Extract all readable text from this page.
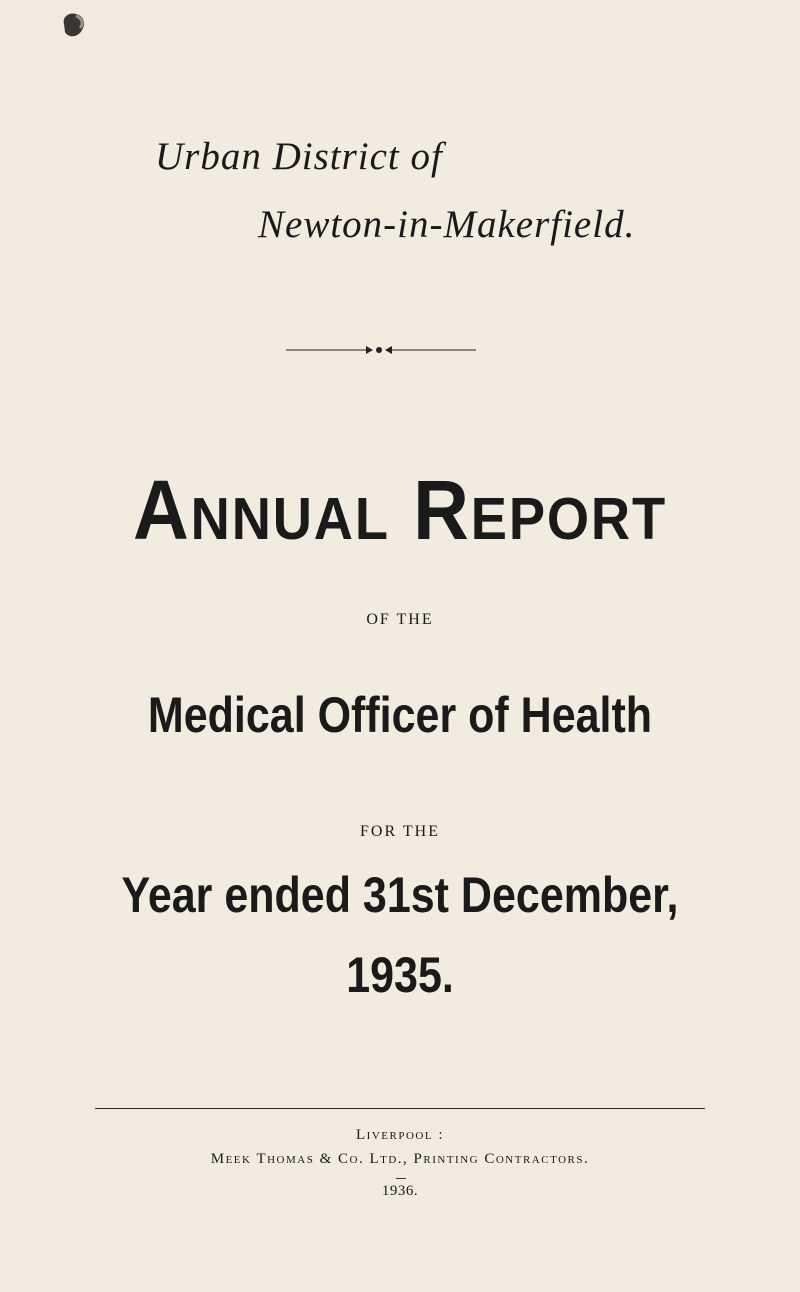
Urban District of
Newton-in-Makerfield.
Annual Report
OF THE
Medical Officer of Health
FOR THE
Year ended 31st December,
1935.
Liverpool :
Meek Thomas & Co. Ltd., Printing Contractors.
1936.
